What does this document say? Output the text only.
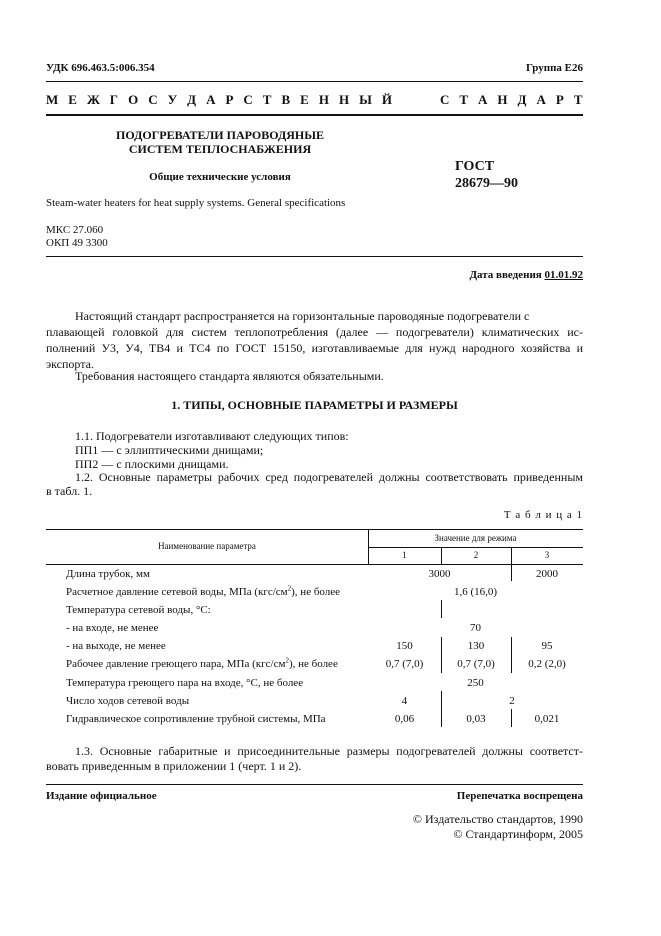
УДК 696.463.5:006.354	Группа Е26
М Е Ж Г О С У Д А Р С Т В Е Н Н Ы Й     С Т А Н Д А Р Т
ПОДОГРЕВАТЕЛИ ПАРОВОДЯНЫЕ
СИСТЕМ ТЕПЛОСНАБЖЕНИЯ
Общие технические условия
ГОСТ
28679—90
Steam-water heaters for heat supply systems. General specifications
МКС 27.060
ОКП 49 3300
Дата введения 01.01.92
Настоящий стандарт распространяется на горизонтальные пароводяные подогреватели с
плавающей головкой для систем теплопотребления (далее — подогреватели) климатических ис-
полнений У3, У4, ТВ4 и ТС4 по ГОСТ 15150, изготавливаемые для нужд народного хозяйства и
экспорта.
Требования настоящего стандарта являются обязательными.
1. ТИПЫ, ОСНОВНЫЕ ПАРАМЕТРЫ И РАЗМЕРЫ
1.1. Подогреватели изготавливают следующих типов:
ПП1 — с эллиптическими днищами;
ПП2 — с плоскими днищами.
1.2. Основные параметры рабочих сред подогревателей должны соответствовать приведенным
в табл. 1.
Т а б л и ц а 1
Наименование параметра
Значение для режима
1	2	3
Длина трубок, мм	3000	2000
Расчетное давление сетевой воды, МПа $(кгс/см^2)$, не более	1,6 (16,0)
Температура сетевой воды, °С:
- на входе, не менее	70
- на выходе, не менее	150	130	95
Рабочее давление греющего пара, МПа $(кгс/см^2)$, не более	0,7 (7,0)	0,7 (7,0)	0,2 (2,0)
Температура греющего пара на входе, °С, не более	250
Число ходов сетевой воды	4	2
Гидравлическое сопротивление трубной системы, МПа	0,06	0,03	0,021
1.3. Основные габаритные и присоединительные размеры подогревателей должны соответст-
вовать приведенным в приложении 1 (черт. 1 и 2).
Издание официальное	Перепечатка воспрещена
© Издательство стандартов, 1990
© Стандартинформ, 2005
